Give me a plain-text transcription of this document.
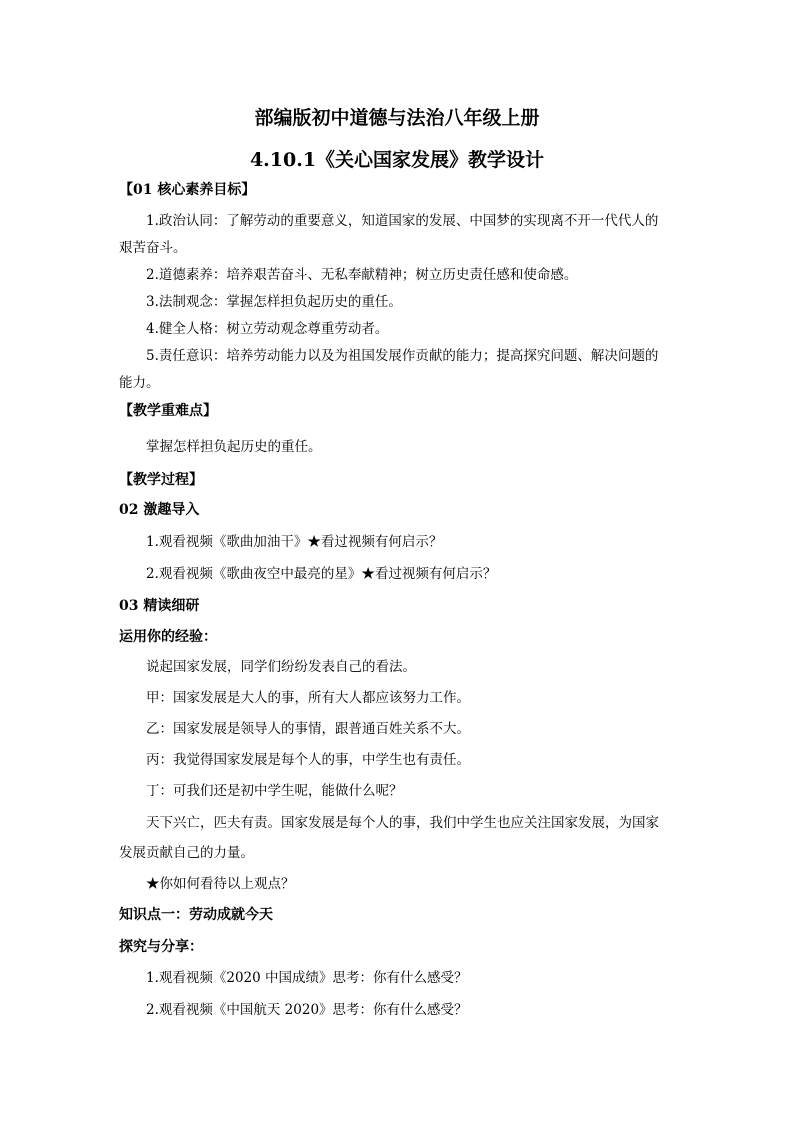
部编版初中道德与法治八年级上册
4.10.1《关心国家发展》教学设计
【01 核心素养目标】
1.政治认同：了解劳动的重要意义，知道国家的发展、中国梦的实现离不开一代代人的
艰苦奋斗。
2.道德素养：培养艰苦奋斗、无私奉献精神；树立历史责任感和使命感。
3.法制观念：掌握怎样担负起历史的重任。
4.健全人格：树立劳动观念尊重劳动者。
5.责任意识：培养劳动能力以及为祖国发展作贡献的能力；提高探究问题、解决问题的
能力。
【教学重难点】
掌握怎样担负起历史的重任。
【教学过程】
02 激趣导入
1.观看视频《歌曲加油干》★看过视频有何启示？
2.观看视频《歌曲夜空中最亮的星》★看过视频有何启示？
03 精读细研
运用你的经验：
说起国家发展，同学们纷纷发表自己的看法。
甲：国家发展是大人的事，所有大人都应该努力工作。
乙：国家发展是领导人的事情，跟普通百姓关系不大。
丙：我觉得国家发展是每个人的事，中学生也有责任。
丁：可我们还是初中学生呢，能做什么呢？
天下兴亡，匹夫有责。国家发展是每个人的事，我们中学生也应关注国家发展，为国家
发展贡献自己的力量。
★你如何看待以上观点？
知识点一：劳动成就今天
探究与分享：
1.观看视频《2020 中国成绩》思考：你有什么感受？
2.观看视频《中国航天 2020》思考：你有什么感受？
